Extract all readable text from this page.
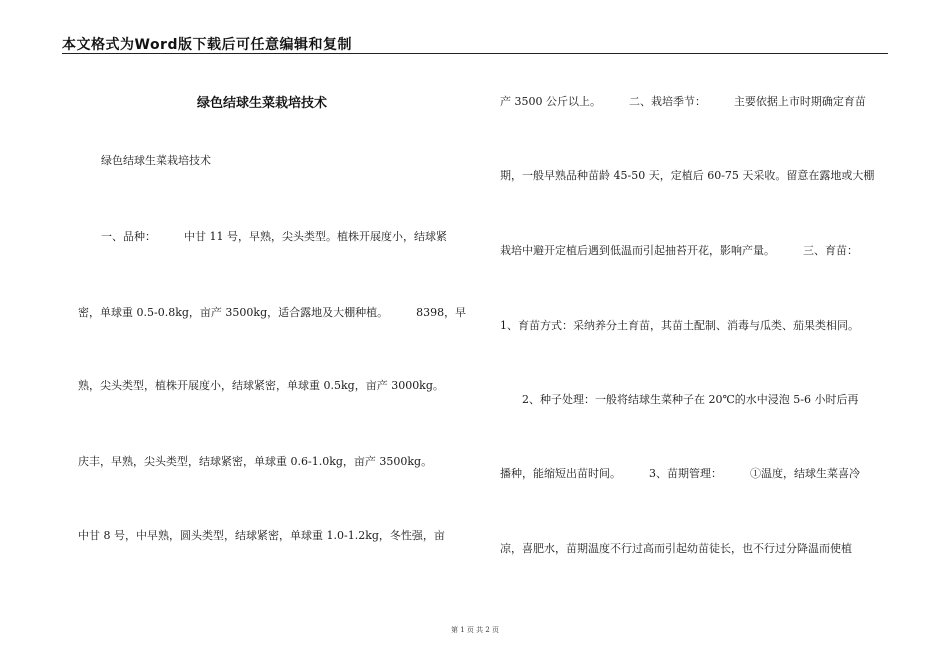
本文格式为Word版下载后可任意编辑和复制
绿色结球生菜栽培技术
绿色结球生菜栽培技术
一、品种：        中甘 11 号，早熟，尖头类型。植株开展度小，结球紧
密，单球重 0.5-0.8kg，亩产 3500kg，适合露地及大棚种植。        8398，早
熟，尖头类型，植株开展度小，结球紧密，单球重 0.5kg，亩产 3000kg。
庆丰，早熟，尖头类型，结球紧密，单球重 0.6-1.0kg，亩产 3500kg。
中甘 8 号，中早熟，圆头类型，结球紧密，单球重 1.0-1.2kg，冬性强，亩
产 3500 公斤以上。        二、栽培季节：        主要依据上市时期确定育苗
期，一般早熟品种苗龄 45-50 天，定植后 60-75 天采收。留意在露地或大棚
栽培中避开定植后遇到低温而引起抽苔开花，影响产量。        三、育苗：
1、育苗方式：采纳养分土育苗，其苗土配制、消毒与瓜类、茄果类相同。
2、种子处理：一般将结球生菜种子在 20℃的水中浸泡 5-6 小时后再
播种，能缩短出苗时间。        3、苗期管理：        ①温度，结球生菜喜冷
凉，喜肥水，苗期温度不行过高而引起幼苗徒长，也不行过分降温而使植
第 1 页 共 2 页
